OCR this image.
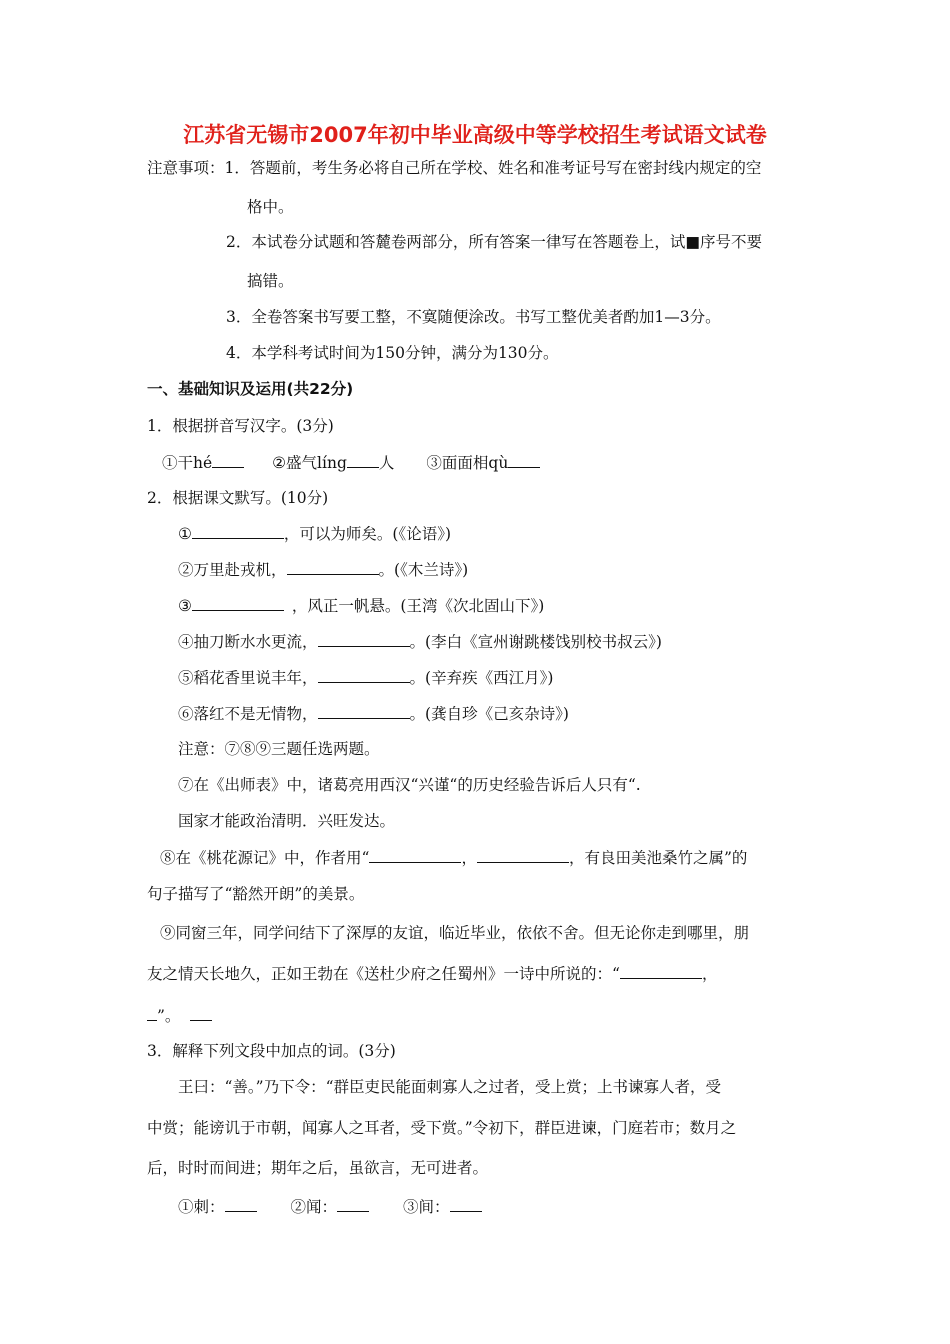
江苏省无锡市2007年初中毕业高级中等学校招生考试语文试卷
注意事项：1．答题前，考生务必将自己所在学校、姓名和准考证号写在密封线内规定的空
格中。
2．本试卷分试题和答麓卷两部分，所有答案一律写在答题卷上，试■序号不要
搞错。
3．全卷答案书写要工整，不寞随便涂改。书写工整优美者酌加1—3分。
4．本学科考试时间为150分钟，满分为130分。
一、基础知识及运用(共22分)
1．根据拼音写汉字。(3分)
①干hé	②盛气líng 人 ③面面相qù
2．根据课文默写。(10分)
①	，可以为师矣。(《论语》)
②万里赴戎机，	。(《木兰诗》)
③	，风正一帆悬。(王湾《次北固山下》)
④抽刀断水水更流，	。(李白《宣州谢跳楼饯别校书叔云》)
⑤稻花香里说丰年，	。(辛弃疾《西江月》)
⑥落红不是无情物，	。(龚自珍《己亥杂诗》)
注意：⑦⑧⑨三题任选两题。
⑦在《出师表》中，诸葛亮用西汉“兴谨“的历史经验告诉后人只有“.
国家才能政治清明．兴旺发达。
⑧在《桃花源记》中，作者用“	，	，有良田美池桑竹之属”的
句子描写了“豁然开朗”的美景。
⑨同窗三年，同学问结下了深厚的友谊，临近毕业，依依不舍。但无论你走到哪里，朋
友之情天长地久，正如王勃在《送杜少府之任蜀州》一诗中所说的：“	，
”。
3．解释下列文段中加点的词。(3分)
王曰：“善。”乃下令：“群臣吏民能面刺寡人之过者，受上赏；上书谏寡人者，受
中赏；能谤讥于市朝，闻寡人之耳者，受下赏。”令初下，群臣进谏，门庭若市；数月之
后，时时而间进；期年之后，虽欲言，无可进者。
①刺：	②闻：	③间：
